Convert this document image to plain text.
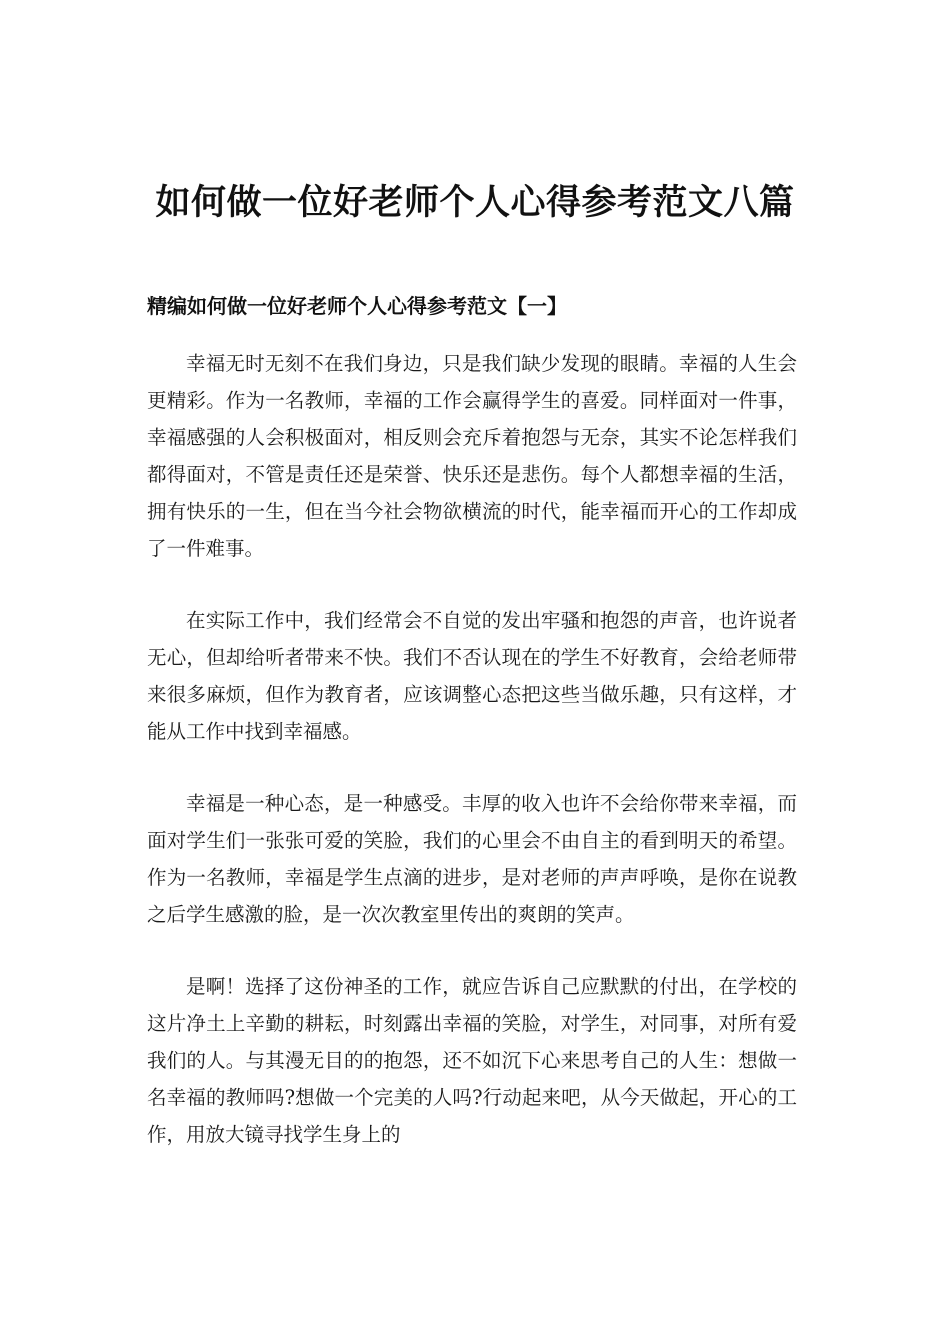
如何做一位好老师个人心得参考范文八篇
精编如何做一位好老师个人心得参考范文【一】

幸福无时无刻不在我们身边，只是我们缺少发现的眼睛。幸福的人生会更精彩。作为一名教师，幸福的工作会赢得学生的喜爱。同样面对一件事，幸福感强的人会积极面对，相反则会充斥着抱怨与无奈，其实不论怎样我们都得面对，不管是责任还是荣誉、快乐还是悲伤。每个人都想幸福的生活，拥有快乐的一生，但在当今社会物欲横流的时代，能幸福而开心的工作却成了一件难事。

在实际工作中，我们经常会不自觉的发出牢骚和抱怨的声音，也许说者无心，但却给听者带来不快。我们不否认现在的学生不好教育，会给老师带来很多麻烦，但作为教育者，应该调整心态把这些当做乐趣，只有这样，才能从工作中找到幸福感。

幸福是一种心态，是一种感受。丰厚的收入也许不会给你带来幸福，而面对学生们一张张可爱的笑脸，我们的心里会不由自主的看到明天的希望。作为一名教师，幸福是学生点滴的进步，是对老师的声声呼唤，是你在说教之后学生感激的脸，是一次次教室里传出的爽朗的笑声。

是啊！选择了这份神圣的工作，就应告诉自己应默默的付出，在学校的这片净土上辛勤的耕耘，时刻露出幸福的笑脸，对学生，对同事，对所有爱我们的人。与其漫无目的的抱怨，还不如沉下心来思考自己的人生：想做一名幸福的教师吗?想做一个完美的人吗?行动起来吧，从今天做起，开心的工作，用放大镜寻找学生身上的
